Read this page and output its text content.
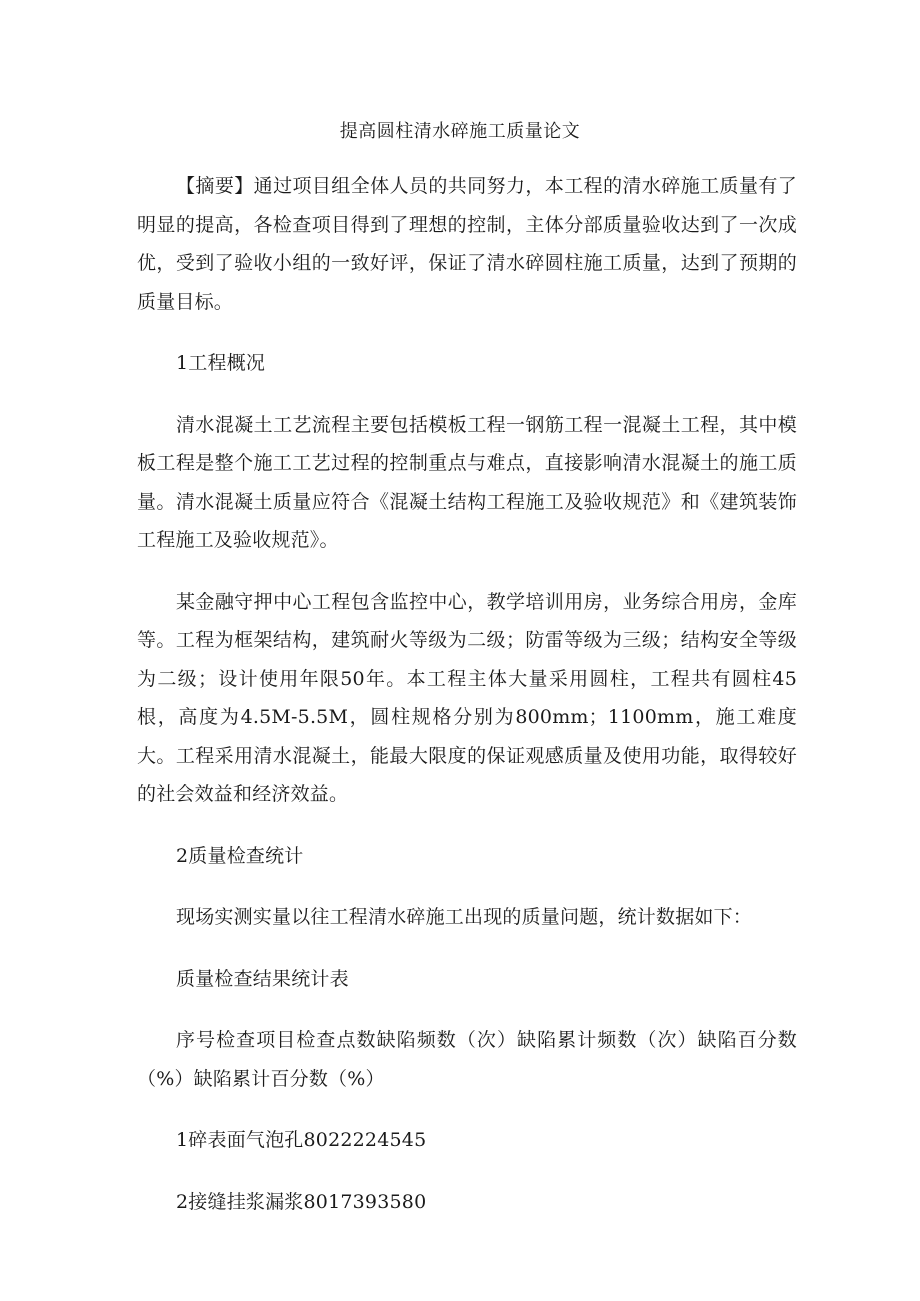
提高圆柱清水碎施工质量论文

【摘要】通过项目组全体人员的共同努力，本工程的清水碎施工质量有了明显的提高，各检查项目得到了理想的控制，主体分部质量验收达到了一次成优，受到了验收小组的一致好评，保证了清水碎圆柱施工质量，达到了预期的质量目标。

1工程概况

清水混凝土工艺流程主要包括模板工程一钢筋工程一混凝土工程，其中模板工程是整个施工工艺过程的控制重点与难点，直接影响清水混凝土的施工质量。清水混凝土质量应符合《混凝土结构工程施工及验收规范》和《建筑装饰工程施工及验收规范》。

某金融守押中心工程包含监控中心，教学培训用房，业务综合用房，金库等。工程为框架结构，建筑耐火等级为二级；防雷等级为三级；结构安全等级为二级；设计使用年限50年。本工程主体大量采用圆柱，工程共有圆柱45根，高度为4.5M-5.5M，圆柱规格分别为800mm；1100mm，施工难度大。工程采用清水混凝土，能最大限度的保证观感质量及使用功能，取得较好的社会效益和经济效益。

2质量检查统计

现场实测实量以往工程清水碎施工出现的质量问题，统计数据如下：

质量检查结果统计表

序号检查项目检查点数缺陷频数（次）缺陷累计频数（次）缺陷百分数（%）缺陷累计百分数（%）

1碎表面气泡孔8022224545

2接缝挂浆漏浆8017393580
